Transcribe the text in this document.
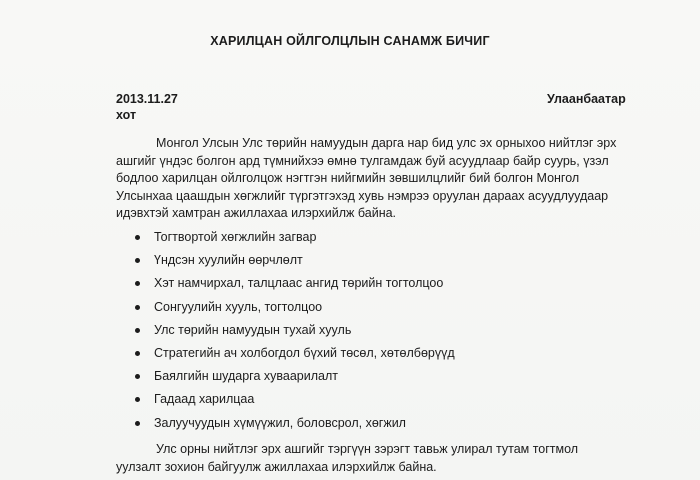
ХАРИЛЦАН ОЙЛГОЛЦЛЫН САНАМЖ БИЧИГ
2013.11.27	Улаанбаатар
хот

Монгол Улсын Улс төрийн намуудын дарга нар бид улс эх орныхоо нийтлэг эрх
ашгийг үндэс болгон ард түмнийхээ өмнө тулгамдаж буй асуудлаар байр суурь, үзэл
бодлоо харилцан ойлголцож нэгтгэн нийгмийн зөвшилцлийг бий болгон Монгол
Улсынхаа цаашдын хөгжлийг түргэтгэхэд хувь нэмрээ оруулан дараах асуудлуудаар
идэвхтэй хамтран ажиллахаа илэрхийлж байна.

Тогтвортой хөгжлийн загвар
Үндсэн хуулийн өөрчлөлт
Хэт намчирхал, талцлаас ангид төрийн тогтолцоо
Сонгуулийн хууль, тогтолцоо
Улс төрийн намуудын тухай хууль
Стратегийн ач холбогдол бүхий төсөл, хөтөлбөрүүд
Баялгийн шударга хуваарилалт
Гадаад харилцаа
Залуучуудын хүмүүжил, боловсрол, хөгжил

Улс орны нийтлэг эрх ашгийг тэргүүн зэрэгт тавьж улирал тутам тогтмол
уулзалт зохион байгуулж ажиллахаа илэрхийлж байна.
